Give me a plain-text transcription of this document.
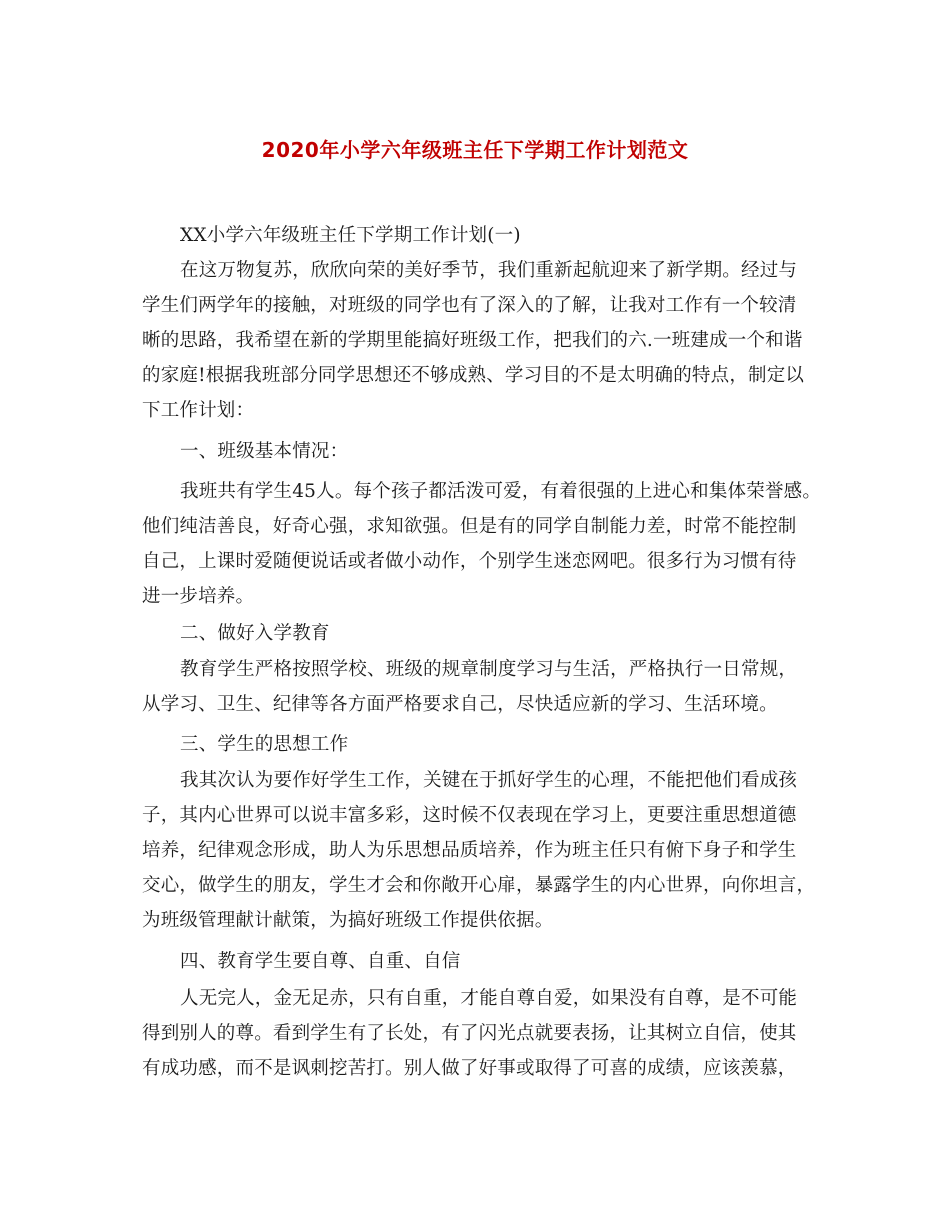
2020年小学六年级班主任下学期工作计划范文
XX小学六年级班主任下学期工作计划(一)
在这万物复苏，欣欣向荣的美好季节，我们重新起航迎来了新学期。经过与
学生们两学年的接触，对班级的同学也有了深入的了解，让我对工作有一个较清
晰的思路，我希望在新的学期里能搞好班级工作，把我们的六.一班建成一个和谐
的家庭!根据我班部分同学思想还不够成熟、学习目的不是太明确的特点，制定以
下工作计划：
一、班级基本情况：
我班共有学生45人。每个孩子都活泼可爱，有着很强的上进心和集体荣誉感。
他们纯洁善良，好奇心强，求知欲强。但是有的同学自制能力差，时常不能控制
自己，上课时爱随便说话或者做小动作，个别学生迷恋网吧。很多行为习惯有待
进一步培养。
二、做好入学教育
教育学生严格按照学校、班级的规章制度学习与生活，严格执行一日常规，
从学习、卫生、纪律等各方面严格要求自己，尽快适应新的学习、生活环境。
三、学生的思想工作
我其次认为要作好学生工作，关键在于抓好学生的心理，不能把他们看成孩
子，其内心世界可以说丰富多彩，这时候不仅表现在学习上，更要注重思想道德
培养，纪律观念形成，助人为乐思想品质培养，作为班主任只有俯下身子和学生
交心，做学生的朋友，学生才会和你敞开心扉，暴露学生的内心世界，向你坦言，
为班级管理献计献策，为搞好班级工作提供依据。
四、教育学生要自尊、自重、自信
人无完人，金无足赤，只有自重，才能自尊自爱，如果没有自尊，是不可能
得到别人的尊。看到学生有了长处，有了闪光点就要表扬，让其树立自信，使其
有成功感，而不是讽刺挖苦打。别人做了好事或取得了可喜的成绩，应该羡慕，
